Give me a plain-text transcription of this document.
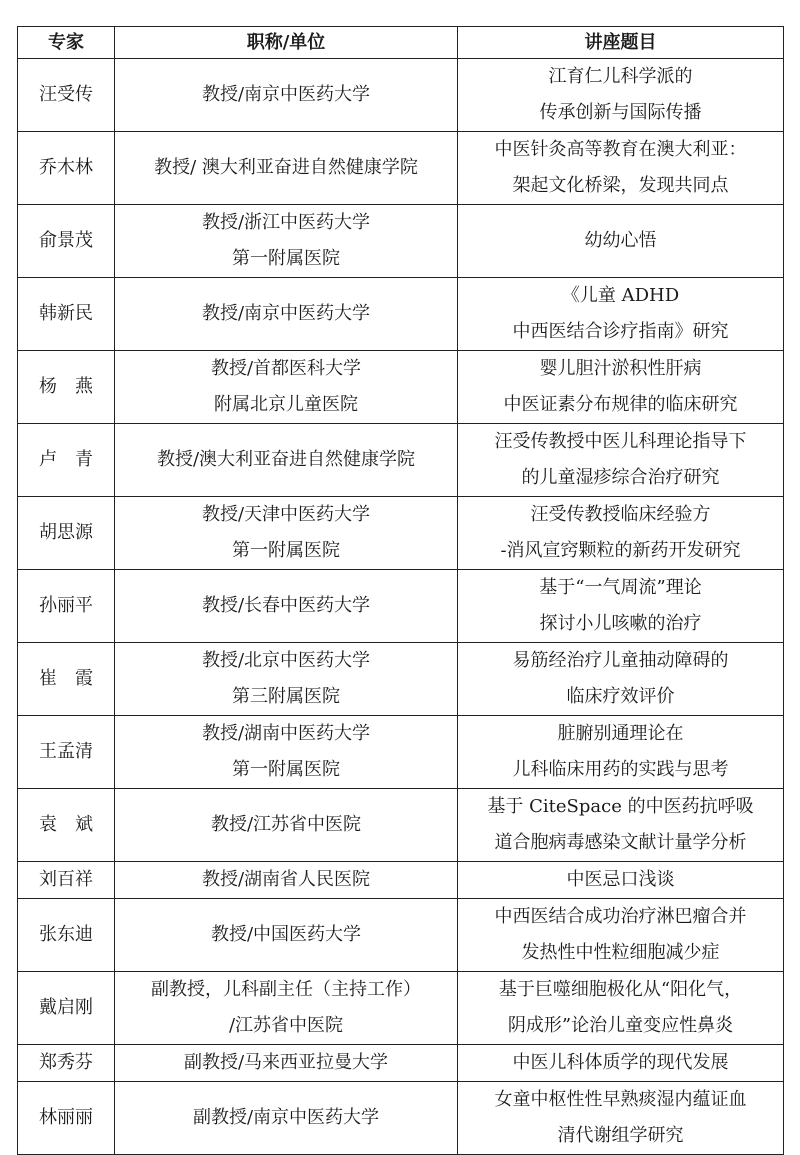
专家	职称/单位	讲座题目
汪受传	教授/南京中医药大学	江育仁儿科学派的
传承创新与国际传播

乔木林	教授/ 澳大利亚奋进自然健康学院	中医针灸高等教育在澳大利亚：
架起文化桥梁，发现共同点

俞景茂	教授/浙江中医药大学
第一附属医院	幼幼心悟

韩新民	教授/南京中医药大学	《儿童 ADHD
中西医结合诊疗指南》研究

杨　燕	教授/首都医科大学
附属北京儿童医院	婴儿胆汁淤积性肝病
中医证素分布规律的临床研究

卢　青	教授/澳大利亚奋进自然健康学院	汪受传教授中医儿科理论指导下
的儿童湿疹综合治疗研究

胡思源	教授/天津中医药大学
第一附属医院	汪受传教授临床经验方
-消风宣窍颗粒的新药开发研究

孙丽平	教授/长春中医药大学	基于“一气周流”理论
探讨小儿咳嗽的治疗

崔　霞	教授/北京中医药大学
第三附属医院	易筋经治疗儿童抽动障碍的
临床疗效评价

王孟清	教授/湖南中医药大学
第一附属医院	脏腑别通理论在
儿科临床用药的实践与思考

袁　斌	教授/江苏省中医院	基于 CiteSpace 的中医药抗呼吸
道合胞病毒感染文献计量学分析

刘百祥	教授/湖南省人民医院	中医忌口浅谈

张东迪	教授/中国医药大学	中西医结合成功治疗淋巴瘤合并
发热性中性粒细胞减少症

戴启刚	副教授，儿科副主任（主持工作）
/江苏省中医院	基于巨噬细胞极化从“阳化气，
阴成形”论治儿童变应性鼻炎

郑秀芬	副教授/马来西亚拉曼大学	中医儿科体质学的现代发展

林丽丽	副教授/南京中医药大学	女童中枢性性早熟痰湿内蕴证血
清代谢组学研究
